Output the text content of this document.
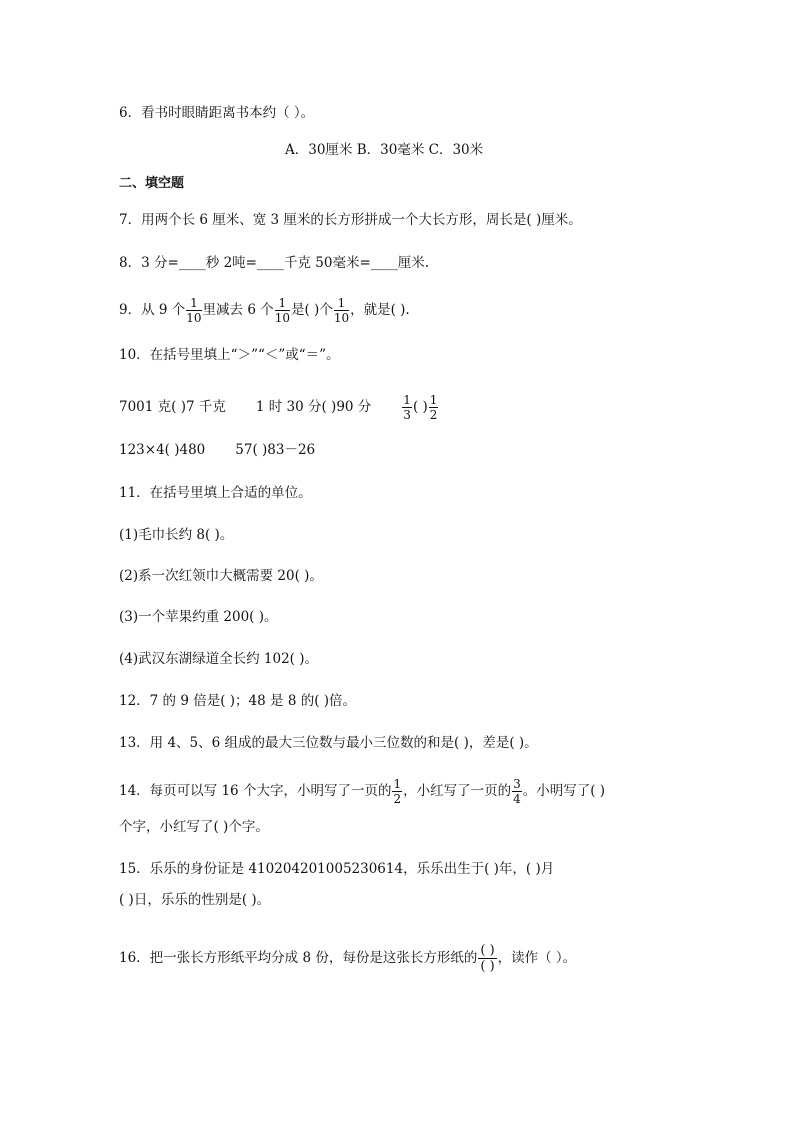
6．看书时眼睛距离书本约（ ）。
A．30厘米 B．30毫米 C．30米
二、填空题
7．用两个长 6 厘米、宽 3 厘米的长方形拼成一个大长方形，周长是( )厘米。
8．3 分=____秒 2吨=____千克 50毫米=____厘米.
9．从 9 个 $\frac{1}{10}$ 里减去 6 个 $\frac{1}{10}$ 是( )个 $\frac{1}{10}$ ，就是( ).
10．在括号里填上“＞”“＜”或“＝”。
7001 克( )7 千克 1 时 30 分( )90 分	$\frac{1}{3}$ ( ) $\frac{1}{2}$
123×4( )480 57( )83－26
11．在括号里填上合适的单位。
(1)毛巾长约 8( )。
(2)系一次红领巾大概需要 20( )。
(3)一个苹果约重 200( )。
(4)武汉东湖绿道全长约 102( )。
12．7 的 9 倍是( )；48 是 8 的( )倍。
13．用 4、5、6 组成的最大三位数与最小三位数的和是( )，差是( )。
14．每页可以写 16 个大字，小明写了一页的 $\frac{1}{2}$ ，小红写了一页的 $\frac{3}{4}$ 。小明写了( )
个字，小红写了( )个字。
15．乐乐的身份证是 410204201005230614，乐乐出生于( )年，( )月
( )日，乐乐的性别是( )。
16．把一张长方形纸平均分成 8 份，每份是这张长方形纸的 $\frac{( )}{( )}$ ，读作（ ）。
